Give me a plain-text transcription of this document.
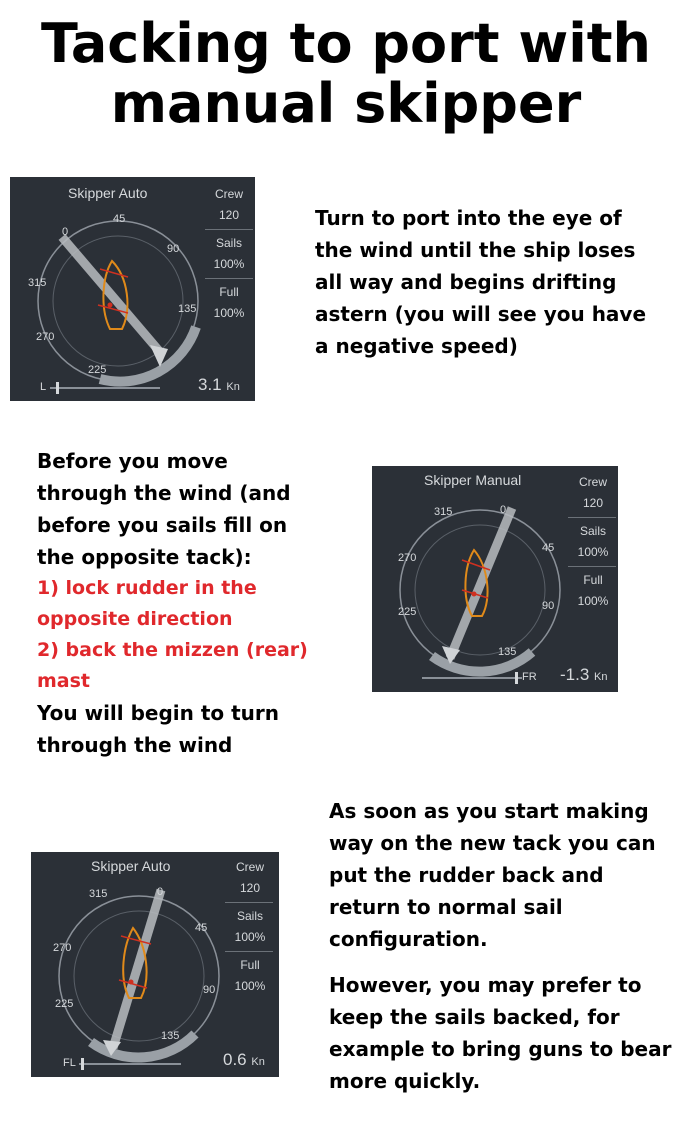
Tacking to port with
manual skipper
Skipper Auto	Crew
120
Sails
100%
Full
100%
L	3.1 Kn
0
45
90
135
225
270
315
Turn to port into the eye of
the wind until the ship loses
all way and begins drifting
astern (you will see you have
a negative speed)
Before you move
through the wind (and
before you sails fill on
the opposite tack):
1) lock rudder in the
opposite direction
2) back the mizzen (rear)
mast
You will begin to turn
through the wind
Skipper Manual	Crew
120
Sails
100%
Full
100%
FR -1.3 Kn
315	0
45
90
135
225
270
As soon as you start making
way on the new tack you can
put the rudder back and
return to normal sail
configuration.
However, you may prefer to
keep the sails backed, for
example to bring guns to bear
more quickly.
Skipper Auto	Crew
120
Sails
100%
Full
100%
FL	0.6 Kn
315	0
45
90
135
270
225
